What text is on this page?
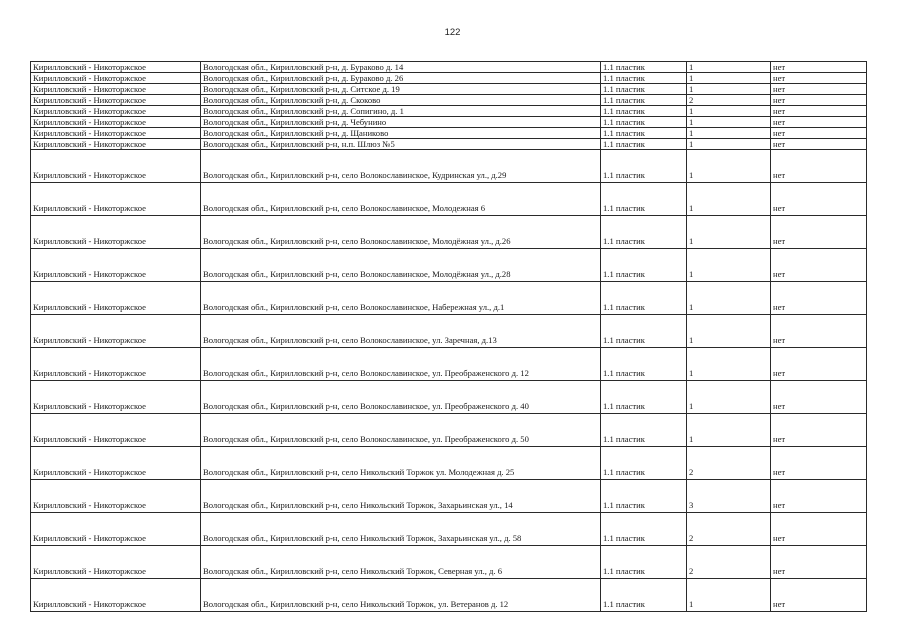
122
Кирилловский - Никоторжское	Вологодская обл., Кирилловский р-н, д. Бураково д. 14	1.1 пластик	1	нет
Кирилловский - Никоторжское	Вологодская обл., Кирилловский р-н, д. Бураково д. 26	1.1 пластик	1	нет
Кирилловский - Никоторжское	Вологодская обл., Кирилловский р-н, д. Ситское д. 19	1.1 пластик	1	нет
Кирилловский - Никоторжское	Вологодская обл., Кирилловский р-н, д. Скоково	1.1 пластик	2	нет
Кирилловский - Никоторжское	Вологодская обл., Кирилловский р-н, д. Сопигино, д. 1	1.1 пластик	1	нет
Кирилловский - Никоторжское	Вологодская обл., Кирилловский р-н, д. Чебунино	1.1 пластик	1	нет
Кирилловский - Никоторжское	Вологодская обл., Кирилловский р-н, д. Щаниково	1.1 пластик	1	нет
Кирилловский - Никоторжское	Вологодская обл., Кирилловский р-н, н.п. Шлюз №5	1.1 пластик	1	нет
Кирилловский - Никоторжское	Вологодская обл., Кирилловский р-н, село Волокославинское, Кудринская ул., д.29	1.1 пластик	1	нет
Кирилловский - Никоторжское	Вологодская обл., Кирилловский р-н, село Волокославинское, Молодежная 6	1.1 пластик	1	нет
Кирилловский - Никоторжское	Вологодская обл., Кирилловский р-н, село Волокославинское, Молодёжная ул., д.26	1.1 пластик	1	нет
Кирилловский - Никоторжское	Вологодская обл., Кирилловский р-н, село Волокославинское, Молодёжная ул., д.28	1.1 пластик	1	нет
Кирилловский - Никоторжское	Вологодская обл., Кирилловский р-н, село Волокославинское, Набережная ул., д.1	1.1 пластик	1	нет
Кирилловский - Никоторжское	Вологодская обл., Кирилловский р-н, село Волокославинское, ул. Заречная, д.13	1.1 пластик	1	нет
Кирилловский - Никоторжское	Вологодская обл., Кирилловский р-н, село Волокославинское, ул. Преображенского д. 12	1.1 пластик	1	нет
Кирилловский - Никоторжское	Вологодская обл., Кирилловский р-н, село Волокославинское, ул. Преображенского д. 40	1.1 пластик	1	нет
Кирилловский - Никоторжское	Вологодская обл., Кирилловский р-н, село Волокославинское, ул. Преображенского д. 50	1.1 пластик	1	нет
Кирилловский - Никоторжское	Вологодская обл., Кирилловский р-н, село Никольский Торжок ул. Молодежная д. 25	1.1 пластик	2	нет
Кирилловский - Никоторжское	Вологодская обл., Кирилловский р-н, село Никольский Торжок, Захарьинская ул., 14	1.1 пластик	3	нет
Кирилловский - Никоторжское	Вологодская обл., Кирилловский р-н, село Никольский Торжок, Захарьинская ул., д. 58	1.1 пластик	2	нет
Кирилловский - Никоторжское	Вологодская обл., Кирилловский р-н, село Никольский Торжок, Северная ул., д. 6	1.1 пластик	2	нет
Кирилловский - Никоторжское	Вологодская обл., Кирилловский р-н, село Никольский Торжок, ул. Ветеранов д. 12	1.1 пластик	1	нет
